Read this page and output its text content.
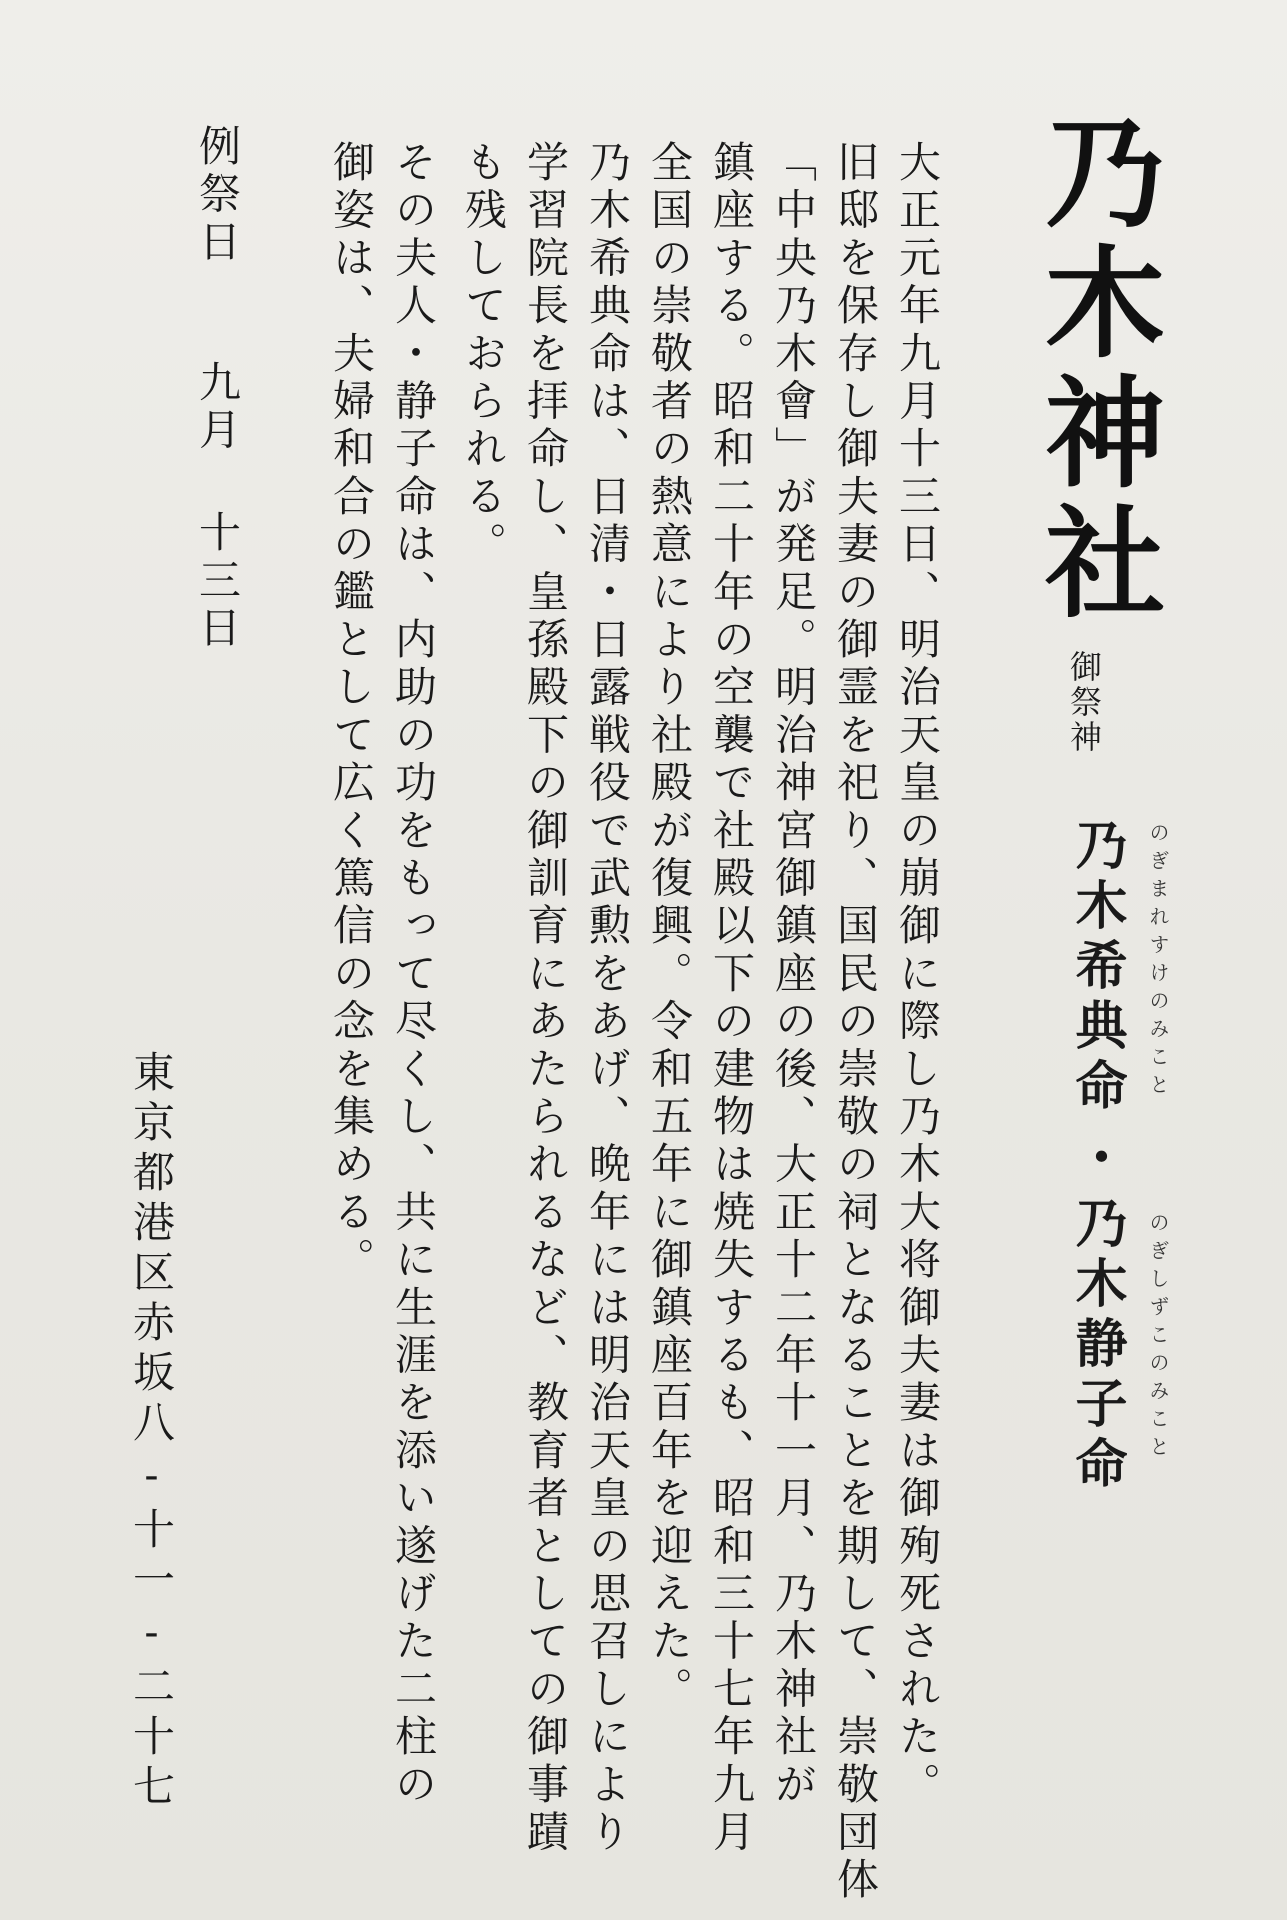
乃木神社
御祭神
のぎまれすけのみこと
乃木希典命
・
のぎしずこのみこと
乃木静子命
大正元年九月十三日、明治天皇の崩御に際し乃木大将御夫妻は御殉死された。
旧邸を保存し御夫妻の御霊を祀り、国民の崇敬の祠となることを期して、崇敬団体
「中央乃木會」が発足。明治神宮御鎮座の後、大正十二年十一月、乃木神社が
鎮座する。昭和二十年の空襲で社殿以下の建物は焼失するも、昭和三十七年九月
全国の崇敬者の熱意により社殿が復興。令和五年に御鎮座百年を迎えた。
乃木希典命は、日清・日露戦役で武勲をあげ、晩年には明治天皇の思召しにより
学習院長を拝命し、皇孫殿下の御訓育にあたられるなど、教育者としての御事蹟
も残しておられる。
その夫人・静子命は、内助の功をもって尽くし、共に生涯を添い遂げた二柱の
御姿は、夫婦和合の鑑として広く篤信の念を集める。
例祭日
九月 十三日
東京都港区赤坂八-十一-二十七
